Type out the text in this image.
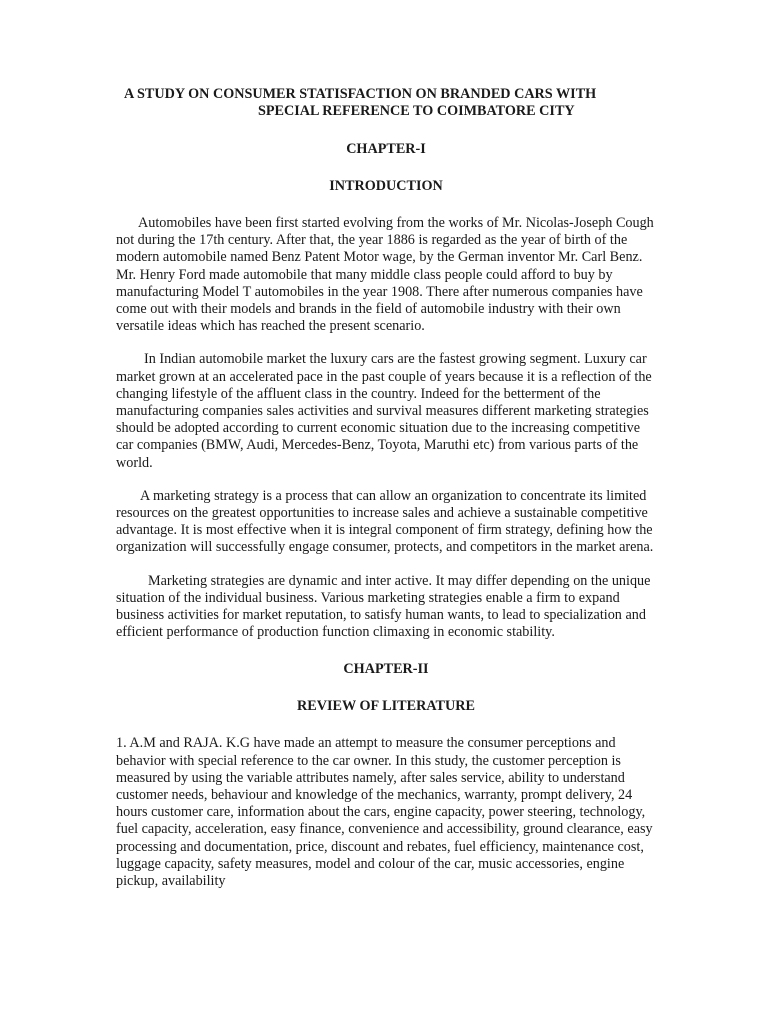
A STUDY ON CONSUMER STATISFACTION ON BRANDED CARS WITH
SPECIAL REFERENCE TO COIMBATORE CITY

CHAPTER-I

INTRODUCTION

Automobiles have been first started evolving from the works of Mr. Nicolas-Joseph Cough not during the 17th century. After that, the year 1886 is regarded as the year of birth of the modern automobile named Benz Patent Motor wage, by the German inventor Mr. Carl Benz. Mr. Henry Ford made automobile that many middle class people could afford to buy by manufacturing Model T automobiles in the year 1908. There after numerous companies have come out with their models and brands in the field of automobile industry with their own versatile ideas which has reached the present scenario.

In Indian automobile market the luxury cars are the fastest growing segment. Luxury car market grown at an accelerated pace in the past couple of years because it is a reflection of the changing lifestyle of the affluent class in the country. Indeed for the betterment of the manufacturing companies sales activities and survival measures different marketing strategies should be adopted according to current economic situation due to the increasing competitive car companies (BMW, Audi, Mercedes-Benz, Toyota, Maruthi etc) from various parts of the world.

A marketing strategy is a process that can allow an organization to concentrate its limited resources on the greatest opportunities to increase sales and achieve a sustainable competitive advantage. It is most effective when it is integral component of firm strategy, defining how the organization will successfully engage consumer, protects, and competitors in the market arena.

Marketing strategies are dynamic and inter active. It may differ depending on the unique situation of the individual business. Various marketing strategies enable a firm to expand business activities for market reputation, to satisfy human wants, to lead to specialization and efficient performance of production function climaxing in economic stability.

CHAPTER-II

REVIEW OF LITERATURE

1. A.M and RAJA. K.G have made an attempt to measure the consumer perceptions and behavior with special reference to the car owner. In this study, the customer perception is measured by using the variable attributes namely, after sales service, ability to understand customer needs, behaviour and knowledge of the mechanics, warranty, prompt delivery, 24 hours customer care, information about the cars, engine capacity, power steering, technology, fuel capacity, acceleration, easy finance, convenience and accessibility, ground clearance, easy processing and documentation, price, discount and rebates, fuel efficiency, maintenance cost, luggage capacity, safety measures, model and colour of the car, music accessories, engine pickup, availability
